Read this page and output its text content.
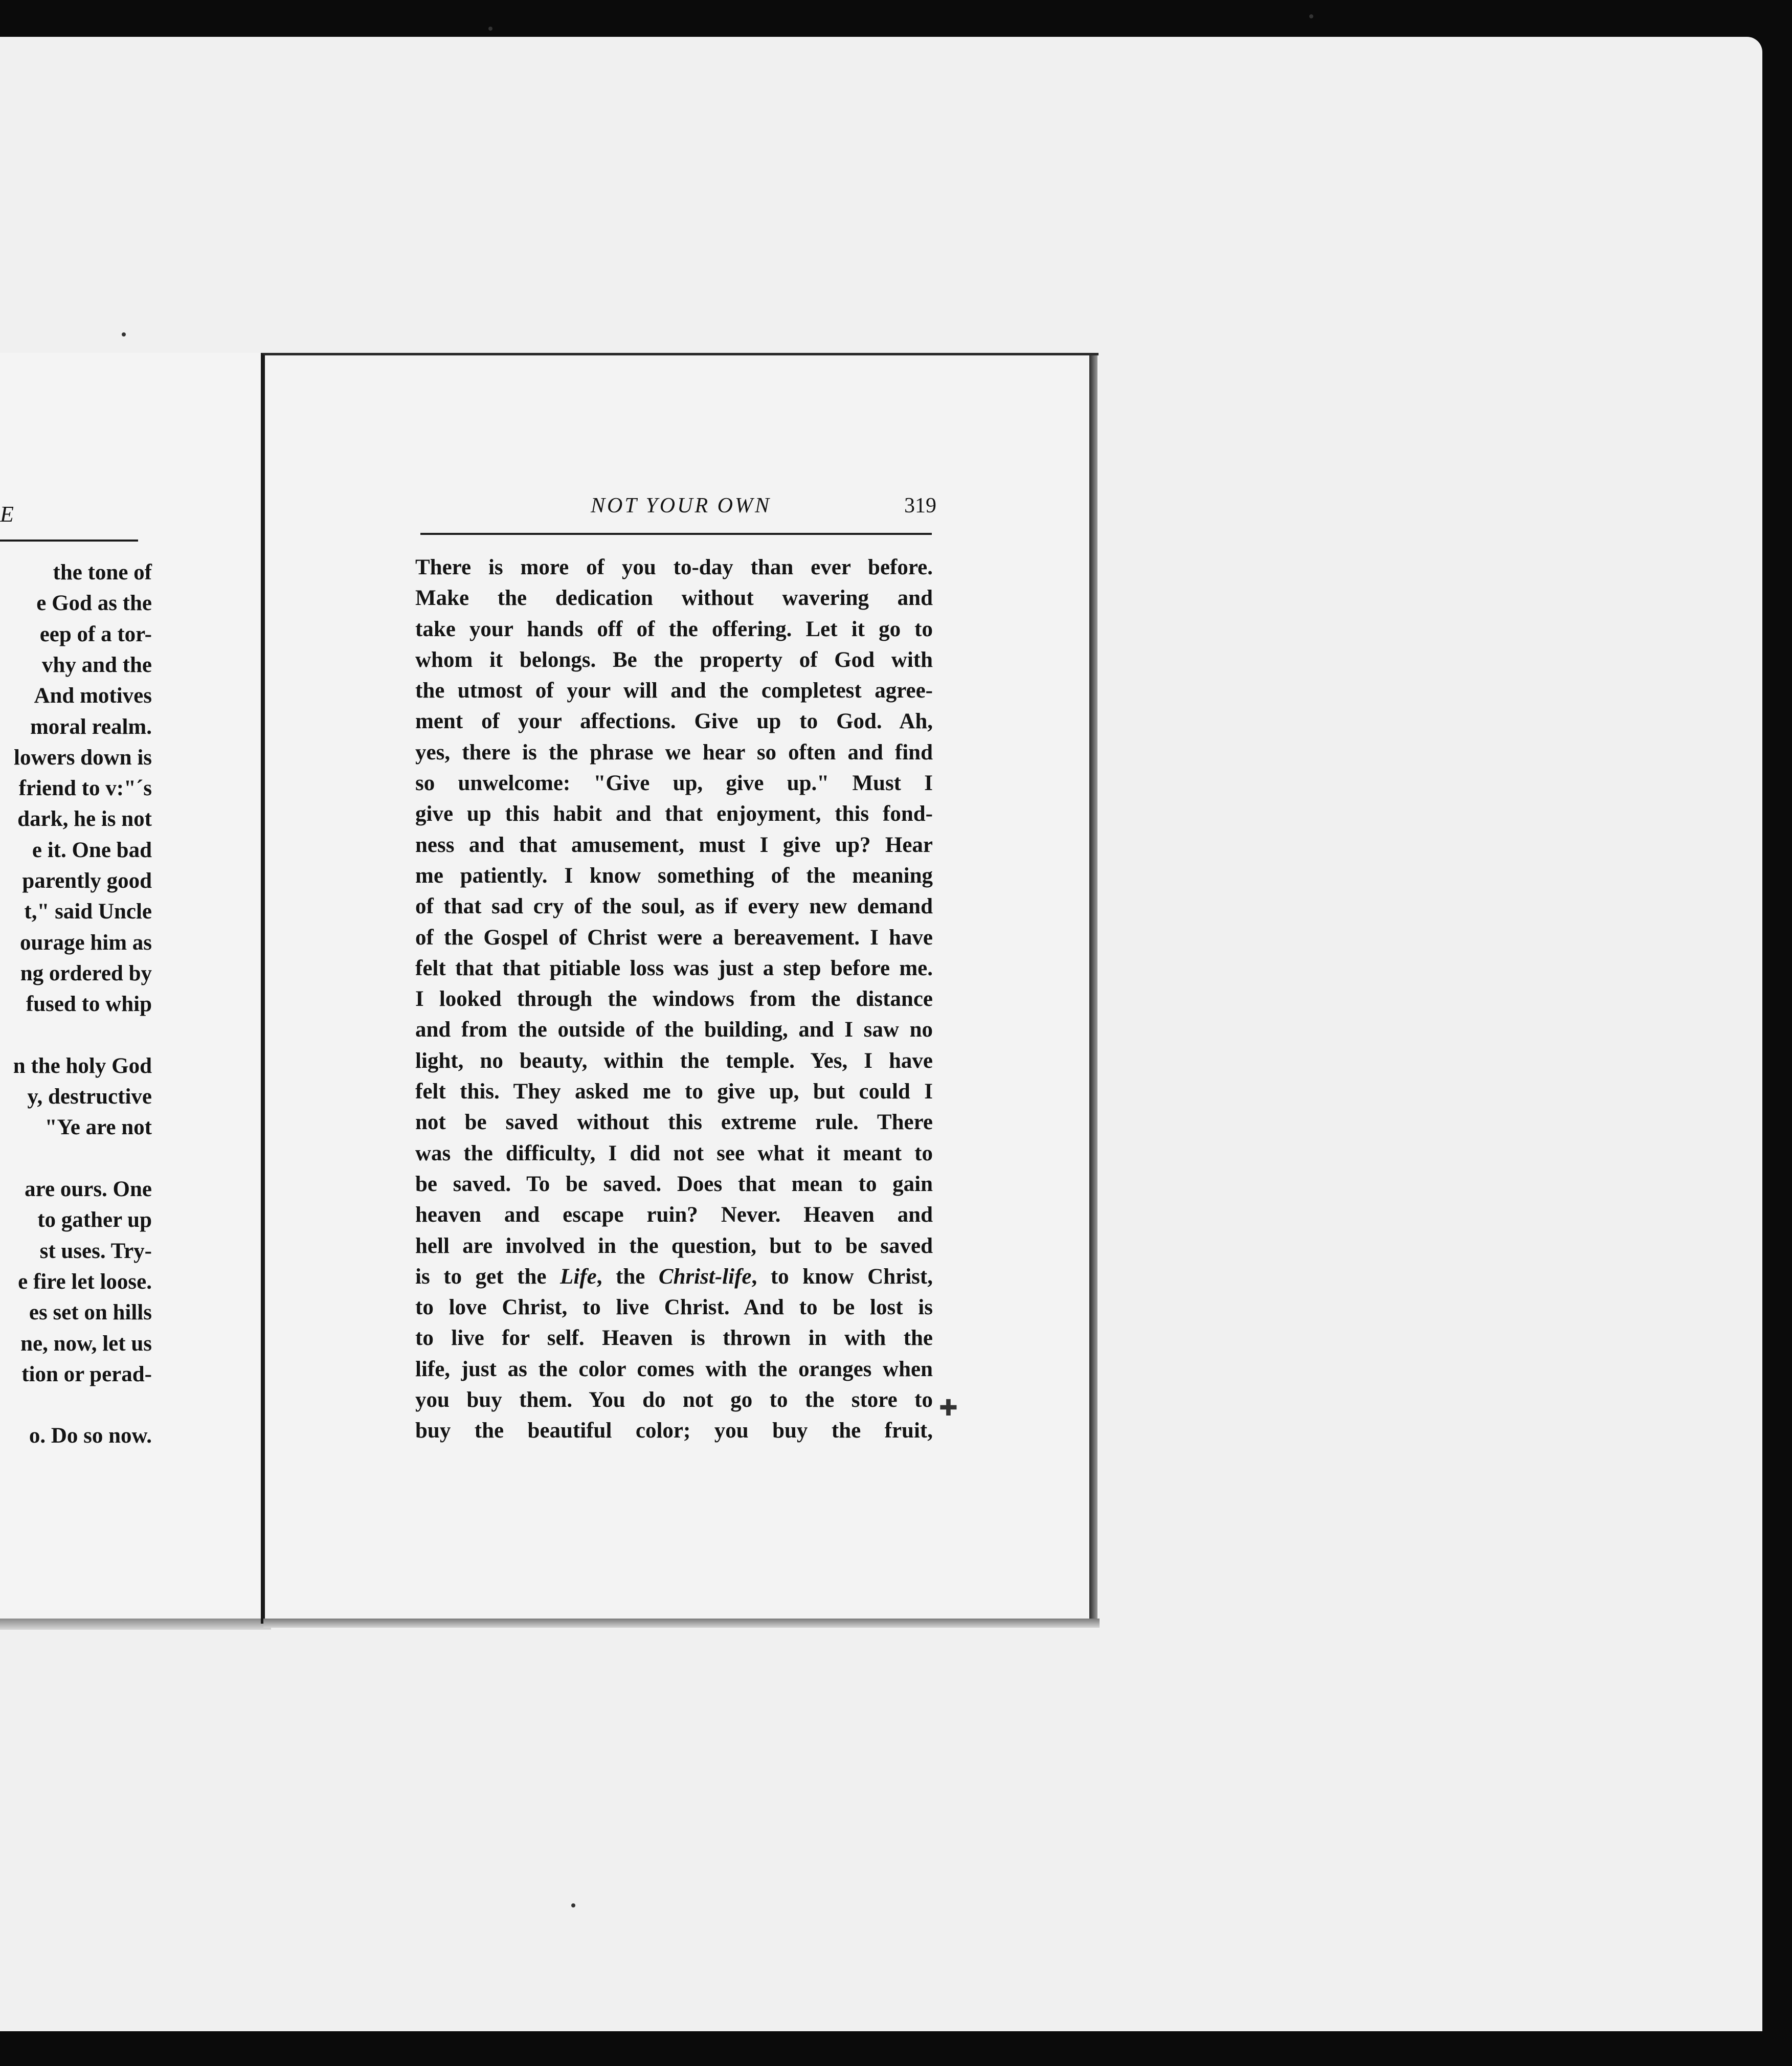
E
the tone of
e God as the
eep of a tor-
vhy and the
And motives
moral realm.
lowers down is
friend to v:"´s
dark, he is not
e it. One bad
parently good
t," said Uncle
ourage him as
ng ordered by
fused to whip
n the holy God
y, destructive
"Ye are not
are ours. One
to gather up
st uses. Try-
e fire let loose.
es set on hills
ne, now, let us
tion or perad-
o. Do so now.
NOT YOUR OWN	319
There is more of you to-day than ever before.
Make the dedication without wavering and
take your hands off of the offering. Let it go to
whom it belongs. Be the property of God with
the utmost of your will and the completest agree-
ment of your affections. Give up to God. Ah,
yes, there is the phrase we hear so often and find
so unwelcome: "Give up, give up." Must I
give up this habit and that enjoyment, this fond-
ness and that amusement, must I give up? Hear
me patiently. I know something of the meaning
of that sad cry of the soul, as if every new demand
of the Gospel of Christ were a bereavement. I have
felt that that pitiable loss was just a step before me.
I looked through the windows from the distance
and from the outside of the building, and I saw no
light, no beauty, within the temple. Yes, I have
felt this. They asked me to give up, but could I
not be saved without this extreme rule. There
was the difficulty, I did not see what it meant to
be saved. To be saved. Does that mean to gain
heaven and escape ruin? Never. Heaven and
hell are involved in the question, but to be saved
is to get the Life, the Christ-life, to know Christ,
to love Christ, to live Christ. And to be lost is
to live for self. Heaven is thrown in with the
life, just as the color comes with the oranges when
you buy them. You do not go to the store to
buy the beautiful color; you buy the fruit,
✚
